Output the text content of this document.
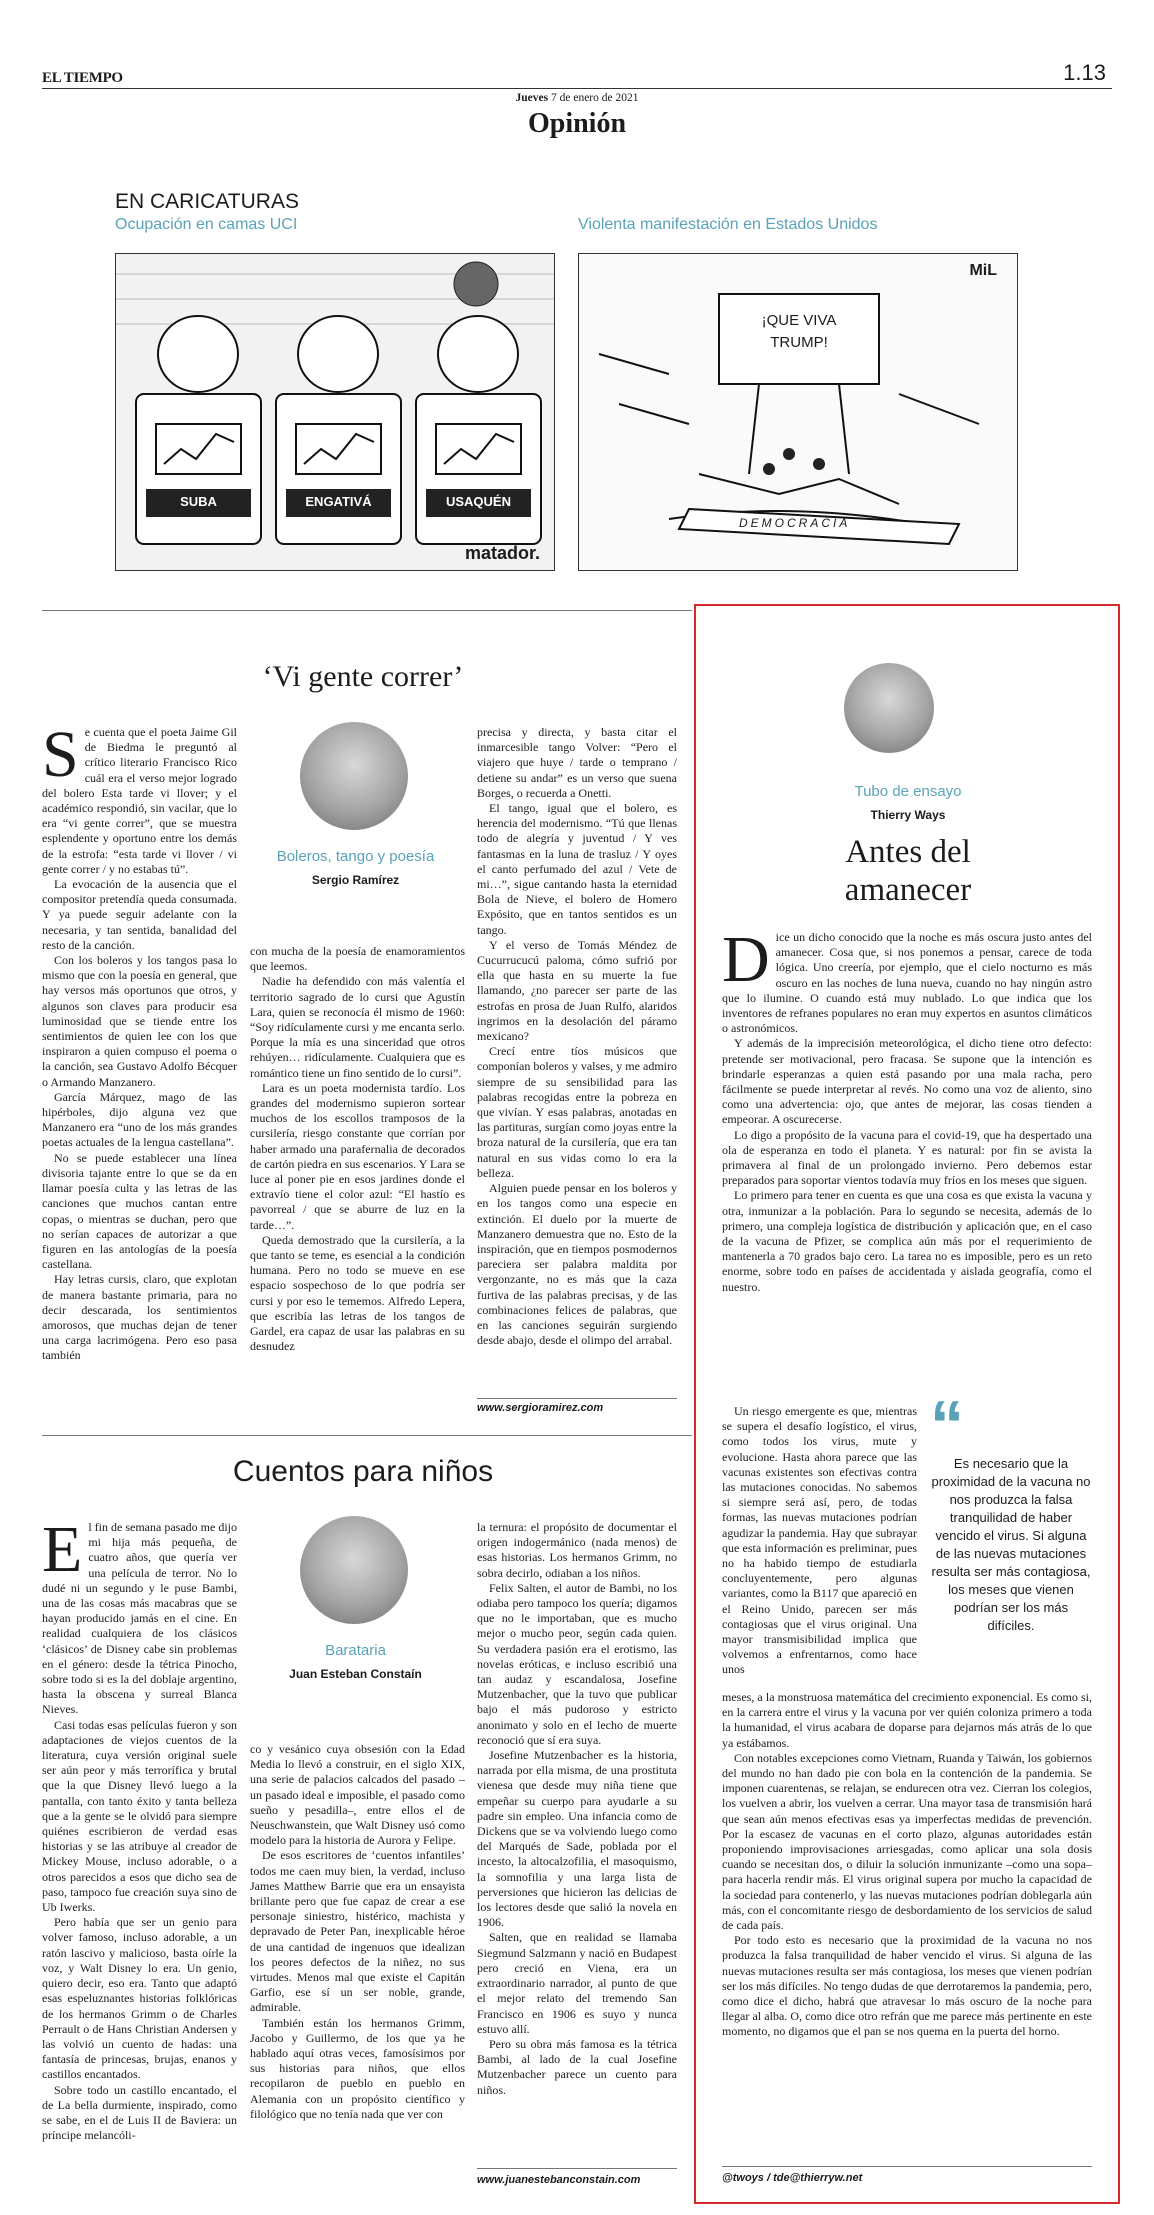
EL TIEMPO	1.13
Jueves 7 de enero de 2021
Opinión
EN CARICATURAS
Ocupación en camas UCI	Violenta manifestación en Estados Unidos
SUBA	ENGATIVÁ	USAQUÉN
matador.
¡QUE VIVA
TRUMP!
DEMOCRACIA
MiL
‘Vi gente correr’

Se cuenta que el poeta Jaime Gil de Biedma le preguntó al crítico literario Francisco Rico cuál era el verso mejor logrado del bolero Esta tarde vi llover; y el académico respondió, sin vacilar, que lo era “vi gente correr”, que se muestra esplendente y oportuno entre los demás de la estrofa: “esta tarde vi llover / vi gente correr / y no estabas tú”.

La evocación de la ausencia que el compositor pretendía queda consumada. Y ya puede seguir adelante con la necesaria, y tan sentida, banalidad del resto de la canción.

Con los boleros y los tangos pasa lo mismo que con la poesía en general, que hay versos más oportunos que otros, y algunos son claves para producir esa luminosidad que se tiende entre los sentimientos de quien lee con los que inspiraron a quien compuso el poema o la canción, sea Gustavo Adolfo Bécquer o Armando Manzanero.

García Márquez, mago de las hipérboles, dijo alguna vez que Manzanero era “uno de los más grandes poetas actuales de la lengua castellana”.

No se puede establecer una línea divisoria tajante entre lo que se da en llamar poesía culta y las letras de las canciones que muchos cantan entre copas, o mientras se duchan, pero que no serían capaces de autorizar a que figuren en las antologías de la poesía castellana.

Hay letras cursis, claro, que explotan de manera bastante primaria, para no decir descarada, los sentimientos amorosos, que muchas dejan de tener una carga lacrimógena. Pero eso pasa también

Boleros, tango y poesía
Sergio Ramírez

con mucha de la poesía de enamoramientos que leemos.

Nadie ha defendido con más valentía el territorio sagrado de lo cursi que Agustín Lara, quien se reconocía él mismo de 1960: “Soy ridículamente cursi y me encanta serlo. Porque la mía es una sinceridad que otros rehúyen… ridículamente. Cualquiera que es romántico tiene un fino sentido de lo cursi”.

Lara es un poeta modernista tardío. Los grandes del modernismo supieron sortear muchos de los escollos tramposos de la cursilería, riesgo constante que corrían por haber armado una parafernalia de decorados de cartón piedra en sus escenarios. Y Lara se luce al poner pie en esos jardines donde el extravío tiene el color azul: “El hastío es pavorreal / que se aburre de luz en la tarde…”.

Queda demostrado que la cursilería, a la que tanto se teme, es esencial a la condición humana. Pero no todo se mueve en ese espacio sospechoso de lo que podría ser cursi y por eso le tememos. Alfredo Lepera, que escribía las letras de los tangos de Gardel, era capaz de usar las palabras en su desnudez

precisa y directa, y basta citar el inmarcesible tango Volver: “Pero el viajero que huye / tarde o temprano / detiene su andar” es un verso que suena Borges, o recuerda a Onetti.

El tango, igual que el bolero, es herencia del modernismo. “Tú que llenas todo de alegría y juventud / Y ves fantasmas en la luna de trasluz / Y oyes el canto perfumado del azul / Vete de mi…”, sigue cantando hasta la eternidad Bola de Nieve, el bolero de Homero Expósito, que en tantos sentidos es un tango.

Y el verso de Tomás Méndez de Cucurrucucú paloma, cómo sufrió por ella que hasta en su muerte la fue llamando, ¿no parecer ser parte de las estrofas en prosa de Juan Rulfo, alaridos ingrimos en la desolación del páramo mexicano?

Crecí entre tíos músicos que componían boleros y valses, y me admiro siempre de su sensibilidad para las palabras recogidas entre la pobreza en que vivían. Y esas palabras, anotadas en las partituras, surgían como joyas entre la broza natural de la cursilería, que era tan natural en sus vidas como lo era la belleza.

Alguien puede pensar en los boleros y en los tangos como una especie en extinción. El duelo por la muerte de Manzanero demuestra que no. Esto de la inspiración, que en tiempos posmodernos pareciera ser palabra maldita por vergonzante, no es más que la caza furtiva de las palabras precisas, y de las combinaciones felices de palabras, que en las canciones seguirán surgiendo desde abajo, desde el olimpo del arrabal.

www.sergioramirez.com
Cuentos para niños

El fin de semana pasado me dijo mi hija más pequeña, de cuatro años, que quería ver una película de terror. No lo dudé ni un segundo y le puse Bambi, una de las cosas más macabras que se hayan producido jamás en el cine. En realidad cualquiera de los clásicos ‘clásicos’ de Disney cabe sin problemas en el género: desde la tétrica Pinocho, sobre todo si es la del doblaje argentino, hasta la obscena y surreal Blanca Nieves.

Casi todas esas películas fueron y son adaptaciones de viejos cuentos de la literatura, cuya versión original suele ser aún peor y más terrorífica y brutal que la que Disney llevó luego a la pantalla, con tanto éxito y tanta belleza que a la gente se le olvidó para siempre quiénes escribieron de verdad esas historias y se las atribuye al creador de Mickey Mouse, incluso adorable, o a otros parecidos a esos que dicho sea de paso, tampoco fue creación suya sino de Ub Iwerks.

Pero había que ser un genio para volver famoso, incluso adorable, a un ratón lascivo y malicioso, basta oírle la voz, y Walt Disney lo era. Un genio, quiero decir, eso era. Tanto que adaptó esas espeluznantes historias folklóricas de los hermanos Grimm o de Charles Perrault o de Hans Christian Andersen y las volvió un cuento de hadas: una fantasía de princesas, brujas, enanos y castillos encantados.

Sobre todo un castillo encantado, el de La bella durmiente, inspirado, como se sabe, en el de Luis II de Baviera: un príncipe melancóli-

Barataria
Juan Esteban Constaín

co y vesánico cuya obsesión con la Edad Media lo llevó a construir, en el siglo XIX, una serie de palacios calcados del pasado –un pasado ideal e imposible, el pasado como sueño y pesadilla–, entre ellos el de Neuschwanstein, que Walt Disney usó como modelo para la historia de Aurora y Felipe.

De esos escritores de ‘cuentos infantiles’ todos me caen muy bien, la verdad, incluso James Matthew Barrie que era un ensayista brillante pero que fue capaz de crear a ese personaje siniestro, histérico, machista y depravado de Peter Pan, inexplicable héroe de una cantidad de ingenuos que idealizan los peores defectos de la niñez, no sus virtudes. Menos mal que existe el Capitán Garfio, ese sí un ser noble, grande, admirable.

También están los hermanos Grimm, Jacobo y Guillermo, de los que ya he hablado aquí otras veces, famosísimos por sus historias para niños, que ellos recopilaron de pueblo en pueblo en Alemania con un propósito científico y filológico que no tenía nada que ver con

la ternura: el propósito de documentar el origen indogermánico (nada menos) de esas historias. Los hermanos Grimm, no sobra decirlo, odiaban a los niños.

Felix Salten, el autor de Bambi, no los odiaba pero tampoco los quería; digamos que no le importaban, que es mucho mejor o mucho peor, según cada quien. Su verdadera pasión era el erotismo, las novelas eróticas, e incluso escribió una tan audaz y escandalosa, Josefine Mutzenbacher, que la tuvo que publicar bajo el más pudoroso y estricto anonimato y solo en el lecho de muerte reconoció que sí era suya.

Josefine Mutzenbacher es la historia, narrada por ella misma, de una prostituta vienesa que desde muy niña tiene que empeñar su cuerpo para ayudarle a su padre sin empleo. Una infancia como de Dickens que se va volviendo luego como del Marqués de Sade, poblada por el incesto, la altocalzofilia, el masoquismo, la somnofilia y una larga lista de perversiones que hicieron las delicias de los lectores desde que salió la novela en 1906.

Salten, que en realidad se llamaba Siegmund Salzmann y nació en Budapest pero creció en Viena, era un extraordinario narrador, al punto de que el mejor relato del tremendo San Francisco en 1906 es suyo y nunca estuvo allí.

Pero su obra más famosa es la tétrica Bambi, al lado de la cual Josefine Mutzenbacher parece un cuento para niños.

www.juanestebanconstain.com
Tubo de ensayo
Thierry Ways
Antes del
amanecer

Dice un dicho conocido que la noche es más oscura justo antes del amanecer. Cosa que, si nos ponemos a pensar, carece de toda lógica. Uno creería, por ejemplo, que el cielo nocturno es más oscuro en las noches de luna nueva, cuando no hay ningún astro que lo ilumine. O cuando está muy nublado. Lo que indica que los inventores de refranes populares no eran muy expertos en asuntos climáticos o astronómicos.

Y además de la imprecisión meteorológica, el dicho tiene otro defecto: pretende ser motivacional, pero fracasa. Se supone que la intención es brindarle esperanzas a quien está pasando por una mala racha, pero fácilmente se puede interpretar al revés. No como una voz de aliento, sino como una advertencia: ojo, que antes de mejorar, las cosas tienden a empeorar. A oscurecerse.

Lo digo a propósito de la vacuna para el covid-19, que ha despertado una ola de esperanza en todo el planeta. Y es natural: por fin se avista la primavera al final de un prolongado invierno. Pero debemos estar preparados para soportar vientos todavía muy fríos en los meses que siguen.

Lo primero para tener en cuenta es que una cosa es que exista la vacuna y otra, inmunizar a la población. Para lo segundo se necesita, además de lo primero, una compleja logística de distribución y aplicación que, en el caso de la vacuna de Pfizer, se complica aún más por el requerimiento de mantenerla a 70 grados bajo cero. La tarea no es imposible, pero es un reto enorme, sobre todo en países de accidentada y aislada geografía, como el nuestro.

Un riesgo emergente es que, mientras se supera el desafío logístico, el virus, como todos los virus, mute y evolucione. Hasta ahora parece que las vacunas existentes son efectivas contra las mutaciones conocidas. No sabemos si siempre será así, pero, de todas formas, las nuevas mutaciones podrían agudizar la pandemia. Hay que subrayar que esta información es preliminar, pues no ha habido tiempo de estudiarla concluyentemente, pero algunas variantes, como la B117 que apareció en el Reino Unido, parecen ser más contagiosas que el virus original. Una mayor transmisibilidad implica que volvemos a enfrentarnos, como hace unos

“
Es necesario que la proximidad de la vacuna no nos produzca la falsa tranquilidad de haber vencido el virus. Si alguna de las nuevas mutaciones resulta ser más contagiosa, los meses que vienen podrían ser los más difíciles.

meses, a la monstruosa matemática del crecimiento exponencial. Es como si, en la carrera entre el virus y la vacuna por ver quién coloniza primero a toda la humanidad, el virus acabara de doparse para dejarnos más atrás de lo que ya estábamos.

Con notables excepciones como Vietnam, Ruanda y Taiwán, los gobiernos del mundo no han dado pie con bola en la contención de la pandemia. Se imponen cuarentenas, se relajan, se endurecen otra vez. Cierran los colegios, los vuelven a abrir, los vuelven a cerrar. Una mayor tasa de transmisión hará que sean aún menos efectivas esas ya imperfectas medidas de prevención. Por la escasez de vacunas en el corto plazo, algunas autoridades están proponiendo improvisaciones arriesgadas, como aplicar una sola dosis cuando se necesitan dos, o diluir la solución inmunizante –como una sopa– para hacerla rendir más. El virus original supera por mucho la capacidad de la sociedad para contenerlo, y las nuevas mutaciones podrían doblegarla aún más, con el concomitante riesgo de desbordamiento de los servicios de salud de cada país.

Por todo esto es necesario que la proximidad de la vacuna no nos produzca la falsa tranquilidad de haber vencido el virus. Si alguna de las nuevas mutaciones resulta ser más contagiosa, los meses que vienen podrían ser los más difíciles. No tengo dudas de que derrotaremos la pandemia, pero, como dice el dicho, habrá que atravesar lo más oscuro de la noche para llegar al alba. O, como dice otro refrán que me parece más pertinente en este momento, no digamos que el pan se nos quema en la puerta del horno.

@twoys / tde@thierryw.net
